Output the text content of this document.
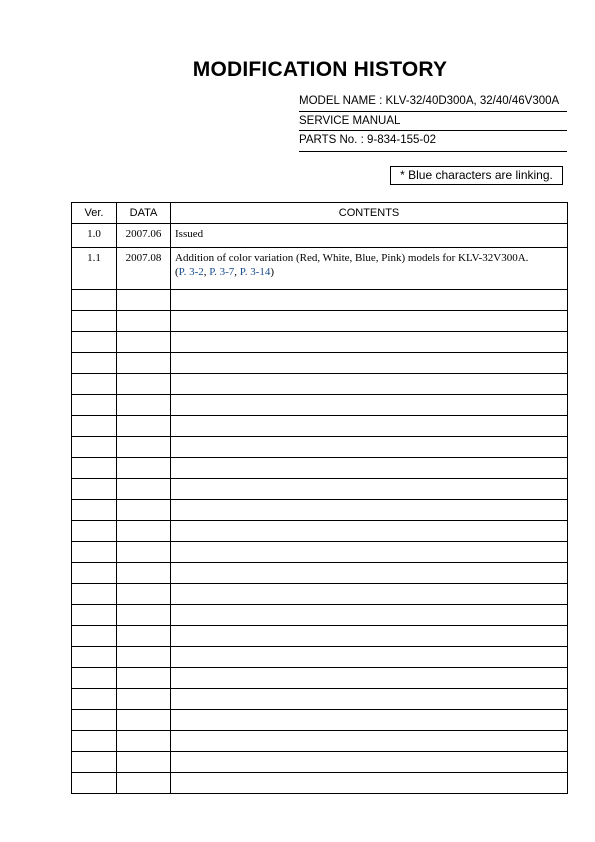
MODIFICATION HISTORY
MODEL NAME : KLV-32/40D300A, 32/40/46V300A
SERVICE MANUAL
PARTS No. : 9-834-155-02
* Blue characters are linking.
Ver.	DATA	CONTENTS
1.0	2007.06	Issued
1.1	2007.08	Addition of color variation (Red, White, Blue, Pink) models for KLV-32V300A.
(P. 3-2, P. 3-7, P. 3-14)
